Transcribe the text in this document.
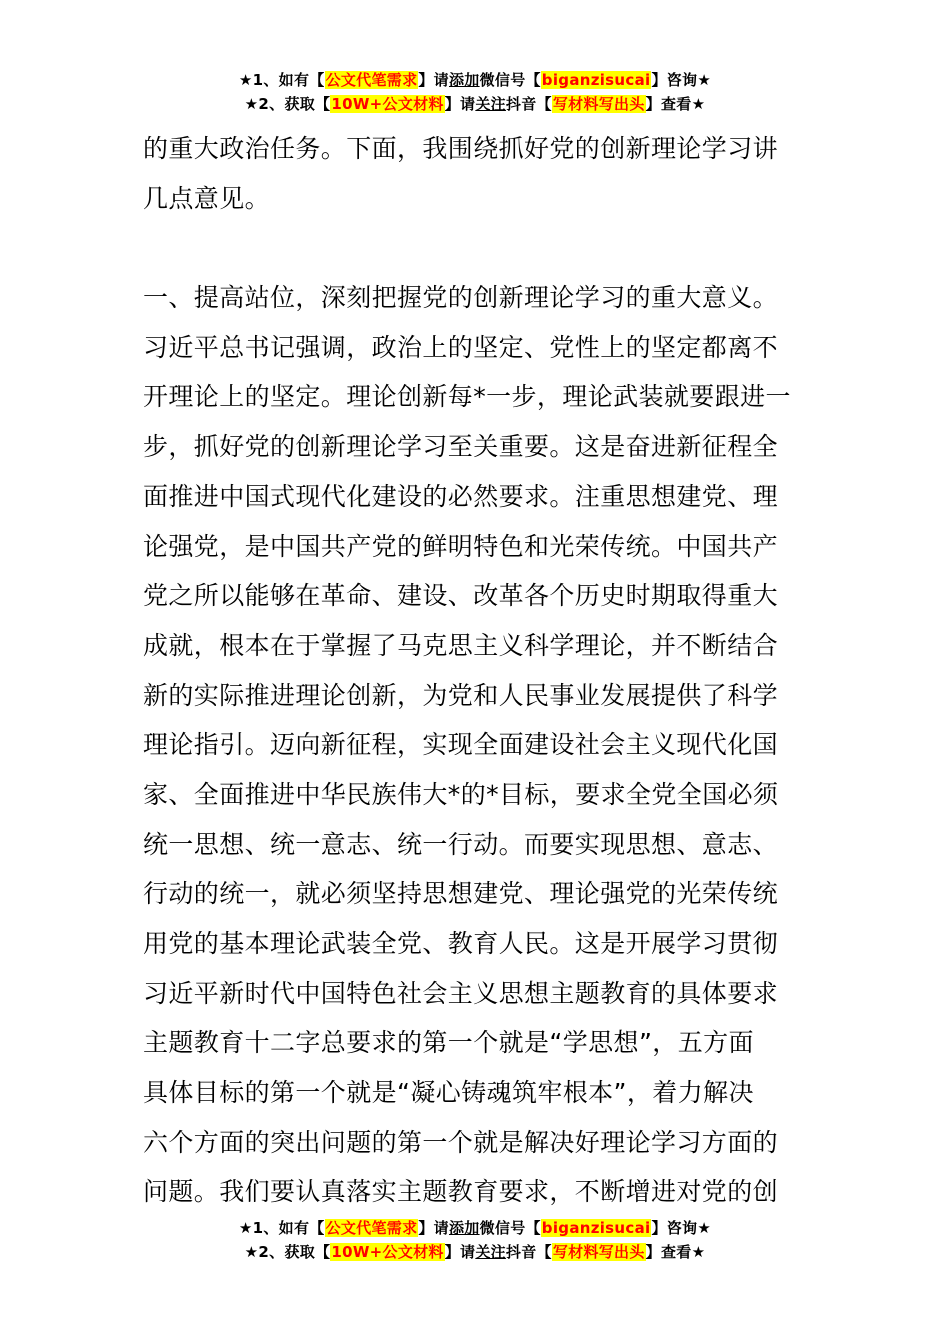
★1、如有【公文代笔需求】请添加微信号【biganzisucai】咨询★
★2、获取【10W+公文材料】请关注抖音【写材料写出头】查看★
的重大政治任务。下面，我围绕抓好党的创新理论学习讲
几点意见。
一、提高站位，深刻把握党的创新理论学习的重大意义。
习近平总书记强调，政治上的坚定、党性上的坚定都离不
开理论上的坚定。理论创新每*一步，理论武装就要跟进一
步，抓好党的创新理论学习至关重要。这是奋进新征程全
面推进中国式现代化建设的必然要求。注重思想建党、理
论强党，是中国共产党的鲜明特色和光荣传统。中国共产
党之所以能够在革命、建设、改革各个历史时期取得重大
成就，根本在于掌握了马克思主义科学理论，并不断结合
新的实际推进理论创新，为党和人民事业发展提供了科学
理论指引。迈向新征程，实现全面建设社会主义现代化国
家、全面推进中华民族伟大*的*目标，要求全党全国必须
统一思想、统一意志、统一行动。而要实现思想、意志、
行动的统一，就必须坚持思想建党、理论强党的光荣传统
用党的基本理论武装全党、教育人民。这是开展学习贯彻
习近平新时代中国特色社会主义思想主题教育的具体要求
主题教育十二字总要求的第一个就是“学思想”，五方面
具体目标的第一个就是“凝心铸魂筑牢根本”，着力解决
六个方面的突出问题的第一个就是解决好理论学习方面的
问题。我们要认真落实主题教育要求，不断增进对党的创
★1、如有【公文代笔需求】请添加微信号【biganzisucai】咨询★
★2、获取【10W+公文材料】请关注抖音【写材料写出头】查看★
